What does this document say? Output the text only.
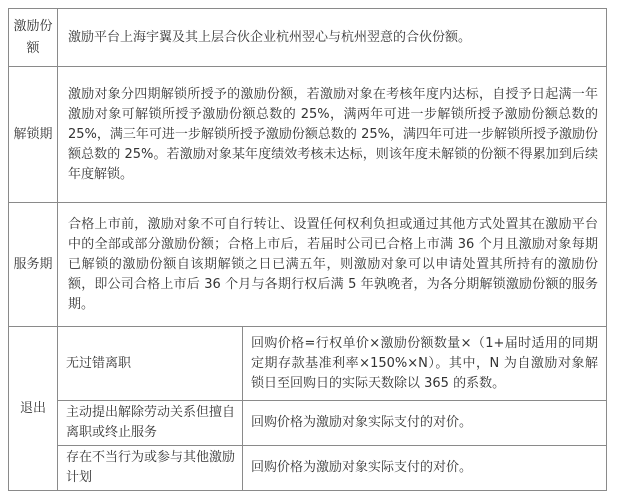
激励份额	激励平台上海宇翼及其上层合伙企业杭州翌心与杭州翌意的合伙份额。	
解锁期	激励对象分四期解锁所授予的激励份额，若激励对象在考核年度内达标，自授予日起满一年激励对象可解锁所授予激励份额总数的 25%，满两年可进一步解锁所授予激励份额总数的 25%，满三年可进一步解锁所授予激励份额总数的 25%，满四年可进一步解锁所授予激励份额总数的 25%。若激励对象某年度绩效考核未达标，则该年度未解锁的份额不得累加到后续年度解锁。	
服务期	合格上市前，激励对象不可自行转让、设置任何权利负担或通过其他方式处置其在激励平台中的全部或部分激励份额；合格上市后，若届时公司已合格上市满 36 个月且激励对象每期已解锁的激励份额自该期解锁之日已满五年，则激励对象可以申请处置其所持有的激励份额，即公司合格上市后 36 个月与各期行权后满 5 年孰晚者，为各分期解锁激励份额的服务期。	
退出	无过错离职	回购价格=行权单价×激励份额数量×（1+届时适用的同期定期存款基准利率×150%×N）。其中，N 为自激励对象解锁日至回购日的实际天数除以 365 的系数。
	主动提出解除劳动关系但擅自离职或终止服务	回购价格为激励对象实际支付的对价。
	存在不当行为或参与其他激励计划	回购价格为激励对象实际支付的对价。
